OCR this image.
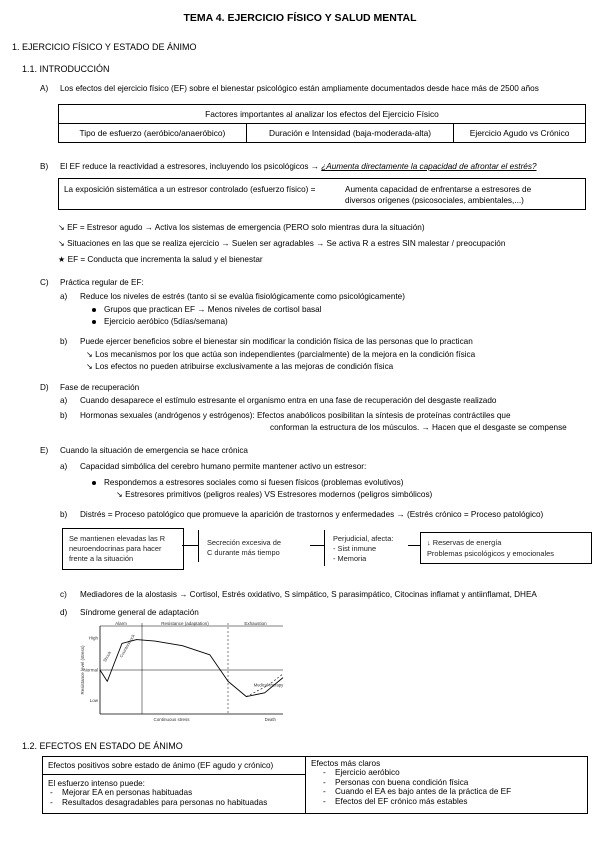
TEMA 4. EJERCICIO FÍSICO Y SALUD MENTAL
1. EJERCICIO FÍSICO Y ESTADO DE ÁNIMO
1.1. INTRODUCCIÓN
A) Los efectos del ejercicio físico (EF) sobre el bienestar psicológico están ampliamente documentados desde hace más de 2500 años
Factores importantes al analizar los efectos del Ejercicio Físico
Tipo de esfuerzo (aeróbico/anaeróbico)	Duración e Intensidad (baja-moderada-alta)	Ejercicio Agudo vs Crónico
B) El EF reduce la reactividad a estresores, incluyendo los psicológicos → ¿Aumenta directamente la capacidad de afrontar el estrés?
La exposición sistemática a un estresor controlado (esfuerzo físico) =	Aumenta capacidad de enfrentarse a estresores de
diversos orígenes (psicosociales, ambientales,...)
↘ EF = Estresor agudo → Activa los sistemas de emergencia (PERO solo mientras dura la situación)
↘ Situaciones en las que se realiza ejercicio → Suelen ser agradables → Se activa R a estres SIN malestar / preocupación
★ EF = Conducta que incrementa la salud y el bienestar
C) Práctica regular de EF:
a) Reduce los niveles de estrés (tanto si se evalúa fisiológicamente como psicológicamente)
Grupos que practican EF → Menos niveles de cortisol basal
Ejercicio aeróbico (5días/semana)
b) Puede ejercer beneficios sobre el bienestar sin modificar la condición física de las personas que lo practican
↘ Los mecanismos por los que actúa son independientes (parcialmente) de la mejora en la condición física
↘ Los efectos no pueden atribuirse exclusivamente a las mejoras de condición física
D) Fase de recuperación
a) Cuando desaparece el estímulo estresante el organismo entra en una fase de recuperación del desgaste realizado
b) Hormonas sexuales (andrógenos y estrógenos): Efectos anabólicos posibilitan la síntesis de proteínas contráctiles que
conforman la estructura de los músculos. → Hacen que el desgaste se compense
E) Cuando la situación de emergencia se hace crónica
a) Capacidad simbólica del cerebro humano permite mantener activo un estresor:
Respondemos a estresores sociales como si fuesen físicos (problemas evolutivos)
↘ Estresores primitivos (peligros reales) VS Estresores modernos (peligros simbólicos)
b) Distrés = Proceso patológico que promueve la aparición de trastornos y enfermedades → (Estrés crónico = Proceso patológico)
Se mantienen elevadas las R
neuroendocrinas para hacer
frente a la situación
Secreción excesiva de
C durante más tiempo
Perjudicial, afecta:
- Sist inmune
- Memoria
↓ Reservas de energía
Problemas psicológicos y emocionales
c) Mediadores de la alostasis → Cortisol, Estrés oxidativo, S simpático, S parasimpático, Citocinas inflamat y antiinflamat, DHEA
d) Síndrome general de adaptación
Alarm	Resistance (adaptation)	Exhaustion
High
Normal
Low
Resistance level (stress)
Continuous stress
Shock Countershock
Medical therapy
Death
1.2. EFECTOS EN ESTADO DE ÁNIMO
Efectos positivos sobre estado de ánimo (EF agudo y crónico)
El esfuerzo intenso puede:
- Mejorar EA en personas habituadas
- Resultados desagradables para personas no habituadas

Efectos más claros
- Ejercicio aeróbico
- Personas con buena condición física
- Cuando el EA es bajo antes de la práctica de EF
- Efectos del EF crónico más estables
